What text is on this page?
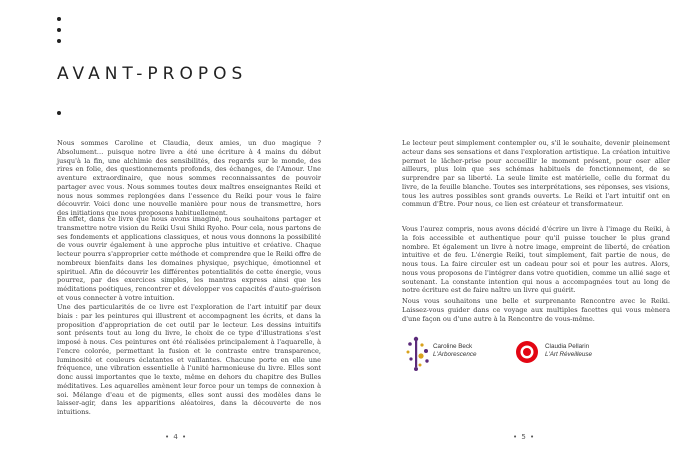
AVANT-PROPOS

Nous sommes Caroline et Claudia, deux amies, un duo magique ? Absolument… puisque notre livre a été une écriture à 4 mains du début jusqu'à la fin, une alchimie des sensibilités, des regards sur le monde, des rires en folie, des questionnements profonds, des échanges, de l'Amour. Une aventure extraordinaire, que nous sommes reconnaissantes de pouvoir partager avec vous. Nous sommes toutes deux maîtres enseignantes Reiki et nous nous sommes replongées dans l'essence du Reiki pour vous le faire découvrir. Voici donc une nouvelle manière pour nous de transmettre, hors des initiations que nous proposons habituellement.

En effet, dans ce livre que nous avons imaginé, nous souhaitons partager et transmettre notre vision du Reiki Usui Shiki Ryoho. Pour cela, nous partons de ses fondements et applications classiques, et nous vous donnons la possibilité de vous ouvrir également à une approche plus intuitive et créative. Chaque lecteur pourra s'approprier cette méthode et comprendre que le Reiki offre de nombreux bienfaits dans les domaines physique, psychique, émotionnel et spirituel. Afin de découvrir les différentes potentialités de cette énergie, vous pourrez, par des exercices simples, les mantras express ainsi que les méditations poétiques, rencontrer et développer vos capacités d'auto-guérison et vous connecter à votre intuition.

Une des particularités de ce livre est l'exploration de l'art intuitif par deux biais : par les peintures qui illustrent et accompagnent les écrits, et dans la proposition d'appropriation de cet outil par le lecteur. Les dessins intuitifs sont présents tout au long du livre, le choix de ce type d'illustrations s'est imposé à nous. Ces peintures ont été réalisées principalement à l'aquarelle, à l'encre colorée, permettant la fusion et le contraste entre transparence, luminosité et couleurs éclatantes et vaillantes. Chacune porte en elle une fréquence, une vibration essentielle à l'unité harmonieuse du livre. Elles sont donc aussi importantes que le texte, même en dehors du chapitre des Bulles méditatives. Les aquarelles amènent leur force pour un temps de connexion à soi. Mélange d'eau et de pigments, elles sont aussi des modèles dans le laisser-agir, dans les apparitions aléatoires, dans la découverte de nos intuitions.

• 4 •

Le lecteur peut simplement contempler ou, s'il le souhaite, devenir pleinement acteur dans ses sensations et dans l'exploration artistique. La création intuitive permet le lâcher-prise pour accueillir le moment présent, pour oser aller ailleurs, plus loin que ses schémas habituels de fonctionnement, de se surprendre par sa liberté. La seule limite est matérielle, celle du format du livre, de la feuille blanche. Toutes ses interprétations, ses réponses, ses visions, tous les autres possibles sont grands ouverts. Le Reiki et l'art intuitif ont en commun d'Être. Pour nous, ce lien est créateur et transformateur.

Vous l'aurez compris, nous avons décidé d'écrire un livre à l'image du Reiki, à la fois accessible et authentique pour qu'il puisse toucher le plus grand nombre. Et également un livre à notre image, empreint de liberté, de création intuitive et de feu. L'énergie Reiki, tout simplement, fait partie de nous, de nous tous. La faire circuler est un cadeau pour soi et pour les autres. Alors, nous vous proposons de l'intégrer dans votre quotidien, comme un allié sage et soutenant. La constante intention qui nous a accompagnées tout au long de notre écriture est de faire naître un livre qui guérit.

Nous vous souhaitons une belle et surprenante Rencontre avec le Reiki. Laissez-vous guider dans ce voyage aux multiples facettes qui vous mènera d'une façon ou d'une autre à la Rencontre de vous-même.

Caroline Beck
L'Arborescence
Claudia Pellarin
L'Art Réveilleuse
• 5 •
